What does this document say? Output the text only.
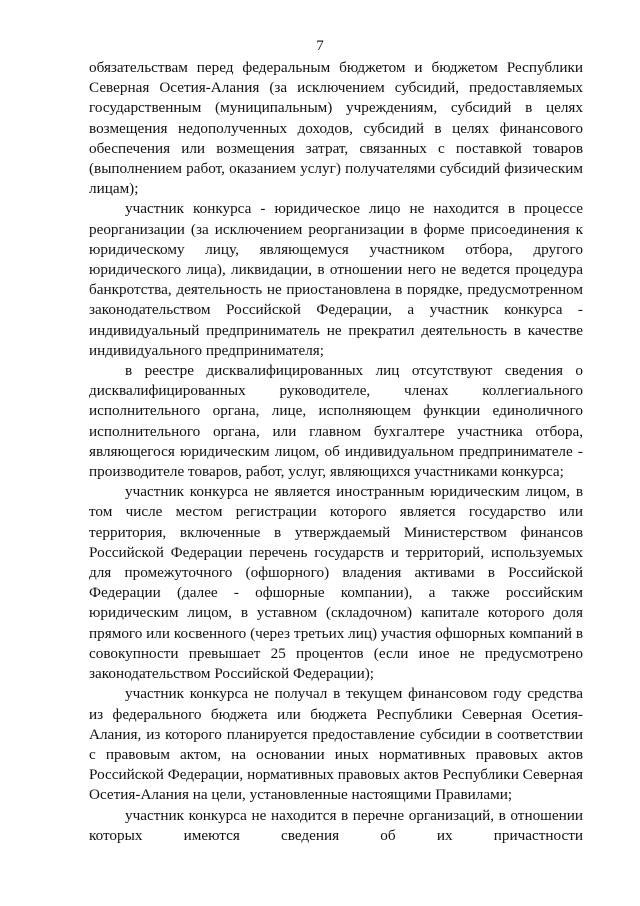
7

обязательствам перед федеральным бюджетом и бюджетом Республики Северная Осетия-Алания (за исключением субсидий, предоставляемых государственным (муниципальным) учреждениям, субсидий в целях возмещения недополученных доходов, субсидий в целях финансового обеспечения или возмещения затрат, связанных с поставкой товаров (выполнением работ, оказанием услуг) получателями субсидий физическим лицам);

участник конкурса - юридическое лицо не находится в процессе реорганизации (за исключением реорганизации в форме присоединения к юридическому лицу, являющемуся участником отбора, другого юридического лица), ликвидации, в отношении него не ведется процедура банкротства, деятельность не приостановлена в порядке, предусмотренном законодательством Российской Федерации, а участник конкурса - индивидуальный предприниматель не прекратил деятельность в качестве индивидуального предпринимателя;

в реестре дисквалифицированных лиц отсутствуют сведения о дисквалифицированных руководителе, членах коллегиального исполнительного органа, лице, исполняющем функции единоличного исполнительного органа, или главном бухгалтере участника отбора, являющегося юридическим лицом, об индивидуальном предпринимателе - производителе товаров, работ, услуг, являющихся участниками конкурса;

участник конкурса не является иностранным юридическим лицом, в том числе местом регистрации которого является государство или территория, включенные в утверждаемый Министерством финансов Российской Федерации перечень государств и территорий, используемых для промежуточного (офшорного) владения активами в Российской Федерации (далее - офшорные компании), а также российским юридическим лицом, в уставном (складочном) капитале которого доля прямого или косвенного (через третьих лиц) участия офшорных компаний в совокупности превышает 25 процентов (если иное не предусмотрено законодательством Российской Федерации);

участник конкурса не получал в текущем финансовом году средства из федерального бюджета или бюджета Республики Северная Осетия-Алания, из которого планируется предоставление субсидии в соответствии с правовым актом, на основании иных нормативных правовых актов Российской Федерации, нормативных правовых актов Республики Северная Осетия-Алания на цели, установленные настоящими Правилами;

участник конкурса не находится в перечне организаций, в отношении которых имеются сведения об их причастности
